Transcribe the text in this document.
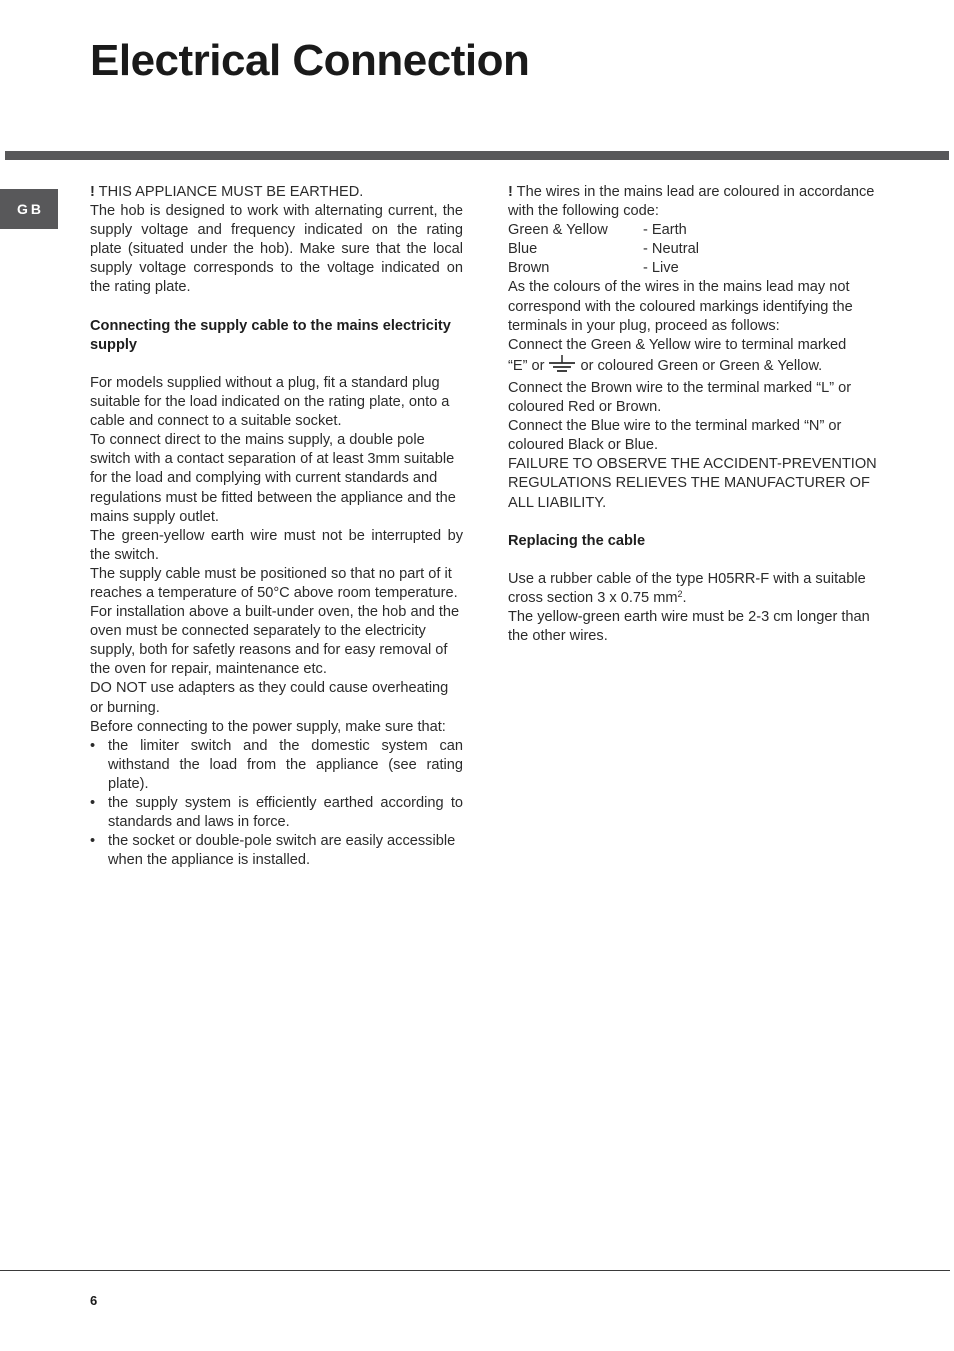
Electrical Connection
GB

! THIS APPLIANCE MUST BE EARTHED.

The hob is designed to work with alternating current, the supply voltage and frequency indicated on the rating plate (situated under the hob). Make sure that the local supply voltage corresponds to the voltage indicated on the rating plate.

Connecting the supply cable to the mains electricity supply

For models supplied without a plug, fit a standard plug suitable for the load indicated on the rating plate, onto a cable and connect to a suitable socket.

To connect direct to the mains supply, a double pole switch with a contact separation of at least 3mm suitable for the load and complying with current standards and regulations must be fitted between the appliance and the mains supply outlet.

The green-yellow earth wire must not be interrupted by the switch.

The supply cable must be positioned so that no part of it reaches a temperature of 50°C above room temperature. For installation above a built-under oven, the hob and the oven must be connected separately to the electricity supply, both for safetly reasons and for easy removal of the oven for repair, maintenance etc.

DO NOT use adapters as they could cause overheating or burning.

Before connecting to the power supply, make sure that:

• the limiter switch and the domestic system can withstand the load from the appliance (see rating plate).
• the supply system is efficiently earthed according to standards and laws in force.
• the socket or double-pole switch are easily accessible when the appliance is installed.

! The wires in the mains lead are coloured in accordance with the following code:

Green & Yellow	- Earth
Blue	- Neutral
Brown	- Live

As the colours of the wires in the mains lead may not correspond with the coloured markings identifying the terminals in your plug, proceed as follows:

Connect the Green & Yellow wire to terminal marked
“E” or or coloured Green or Green & Yellow.

Connect the Brown wire to the terminal marked “L” or coloured Red or Brown.

Connect the Blue wire to the terminal marked “N” or coloured Black or Blue.

FAILURE TO OBSERVE THE ACCIDENT-PREVENTION REGULATIONS RELIEVES THE MANUFACTURER OF ALL LIABILITY.

Replacing the cable

Use a rubber cable of the type H05RR-F with a suitable cross section 3 x 0.75 $mm^2$.

The yellow-green earth wire must be 2-3 cm longer than the other wires.

6
